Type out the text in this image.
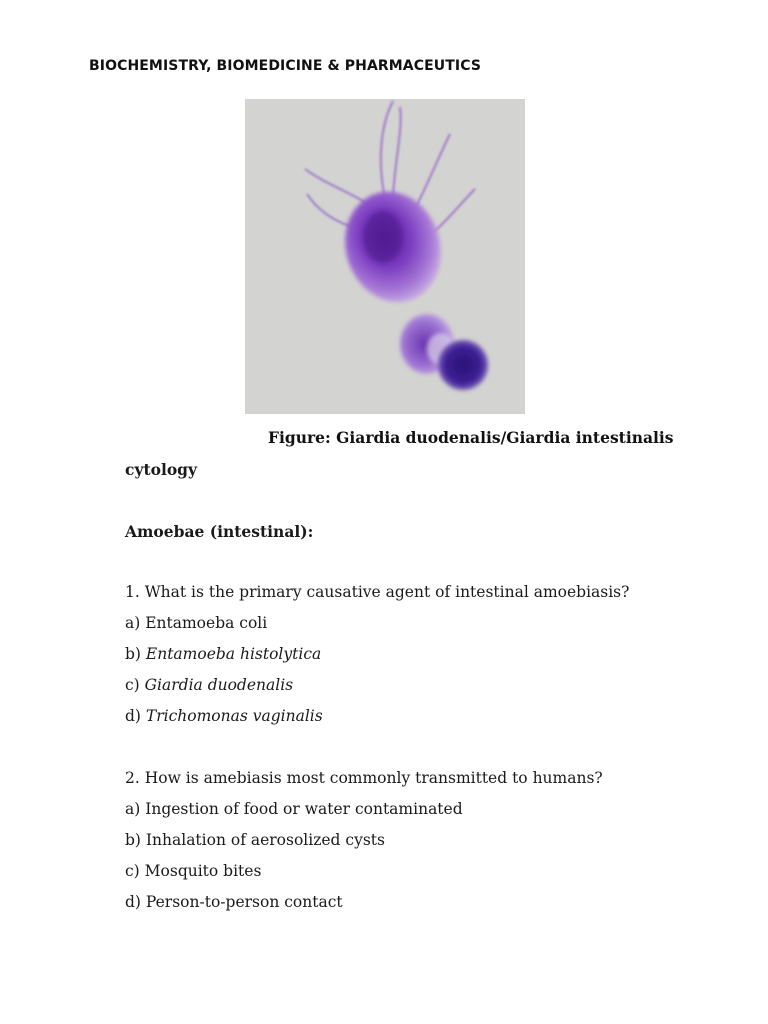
BIOCHEMISTRY, BIOMEDICINE & PHARMACEUTICS
Figure: Giardia duodenalis/Giardia intestinalis
cytology
Amoebae (intestinal):
1. What is the primary causative agent of intestinal amoebiasis?
a) Entamoeba coli
b) Entamoeba histolytica
c) Giardia duodenalis
d) Trichomonas vaginalis
2. How is amebiasis most commonly transmitted to humans?
a) Ingestion of food or water contaminated
b) Inhalation of aerosolized cysts
c) Mosquito bites
d) Person-to-person contact
